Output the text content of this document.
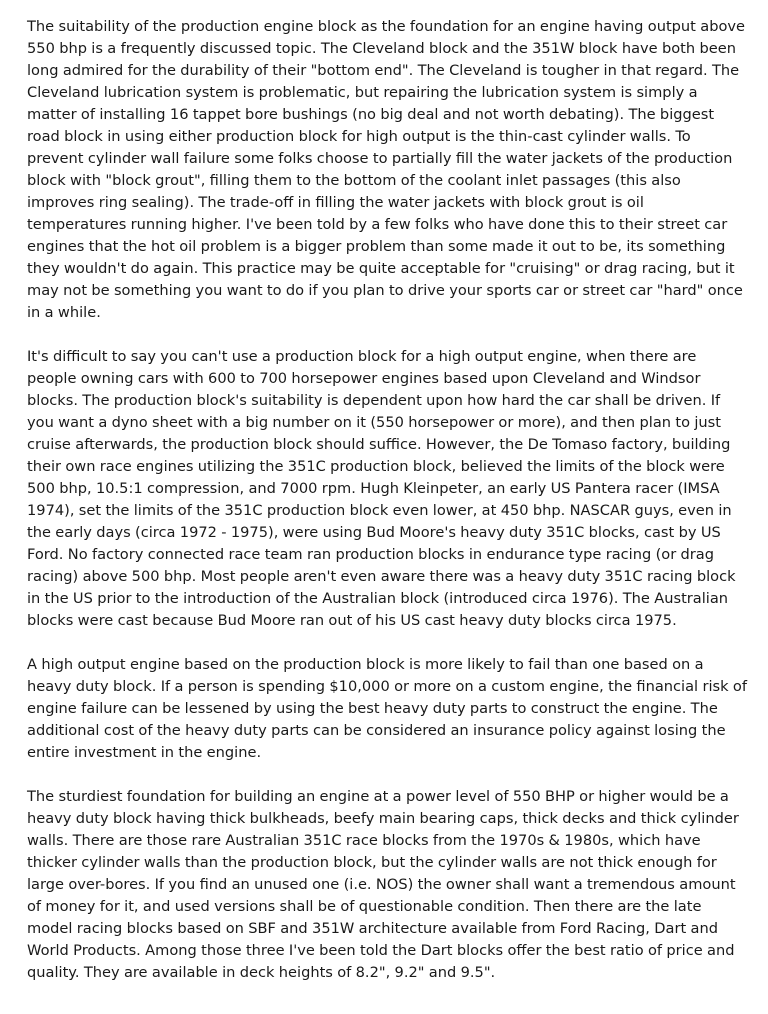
The suitability of the production engine block as the foundation for an engine having output above 550 bhp is a frequently discussed topic. The Cleveland block and the 351W block have both been long admired for the durability of their "bottom end". The Cleveland is tougher in that regard. The Cleveland lubrication system is problematic, but repairing the lubrication system is simply a matter of installing 16 tappet bore bushings (no big deal and not worth debating). The biggest road block in using either production block for high output is the thin-cast cylinder walls. To prevent cylinder wall failure some folks choose to partially fill the water jackets of the production block with "block grout", filling them to the bottom of the coolant inlet passages (this also improves ring sealing). The trade-off in filling the water jackets with block grout is oil temperatures running higher. I've been told by a few folks who have done this to their street car engines that the hot oil problem is a bigger problem than some made it out to be, its something they wouldn't do again. This practice may be quite acceptable for "cruising" or drag racing, but it may not be something you want to do if you plan to drive your sports car or street car "hard" once in a while.

It's difficult to say you can't use a production block for a high output engine, when there are people owning cars with 600 to 700 horsepower engines based upon Cleveland and Windsor blocks. The production block's suitability is dependent upon how hard the car shall be driven. If you want a dyno sheet with a big number on it (550 horsepower or more), and then plan to just cruise afterwards, the production block should suffice. However, the De Tomaso factory, building their own race engines utilizing the 351C production block, believed the limits of the block were 500 bhp, 10.5:1 compression, and 7000 rpm. Hugh Kleinpeter, an early US Pantera racer (IMSA 1974), set the limits of the 351C production block even lower, at 450 bhp. NASCAR guys, even in the early days (circa 1972 - 1975), were using Bud Moore's heavy duty 351C blocks, cast by US Ford. No factory connected race team ran production blocks in endurance type racing (or drag racing) above 500 bhp. Most people aren't even aware there was a heavy duty 351C racing block in the US prior to the introduction of the Australian block (introduced circa 1976). The Australian blocks were cast because Bud Moore ran out of his US cast heavy duty blocks circa 1975.

A high output engine based on the production block is more likely to fail than one based on a heavy duty block. If a person is spending $10,000 or more on a custom engine, the financial risk of engine failure can be lessened by using the best heavy duty parts to construct the engine. The additional cost of the heavy duty parts can be considered an insurance policy against losing the entire investment in the engine.

The sturdiest foundation for building an engine at a power level of 550 BHP or higher would be a heavy duty block having thick bulkheads, beefy main bearing caps, thick decks and thick cylinder walls. There are those rare Australian 351C race blocks from the 1970s & 1980s, which have thicker cylinder walls than the production block, but the cylinder walls are not thick enough for large over-bores. If you find an unused one (i.e. NOS) the owner shall want a tremendous amount of money for it, and used versions shall be of questionable condition. Then there are the late model racing blocks based on SBF and 351W architecture available from Ford Racing, Dart and World Products. Among those three I've been told the Dart blocks offer the best ratio of price and quality. They are available in deck heights of 8.2", 9.2" and 9.5".
